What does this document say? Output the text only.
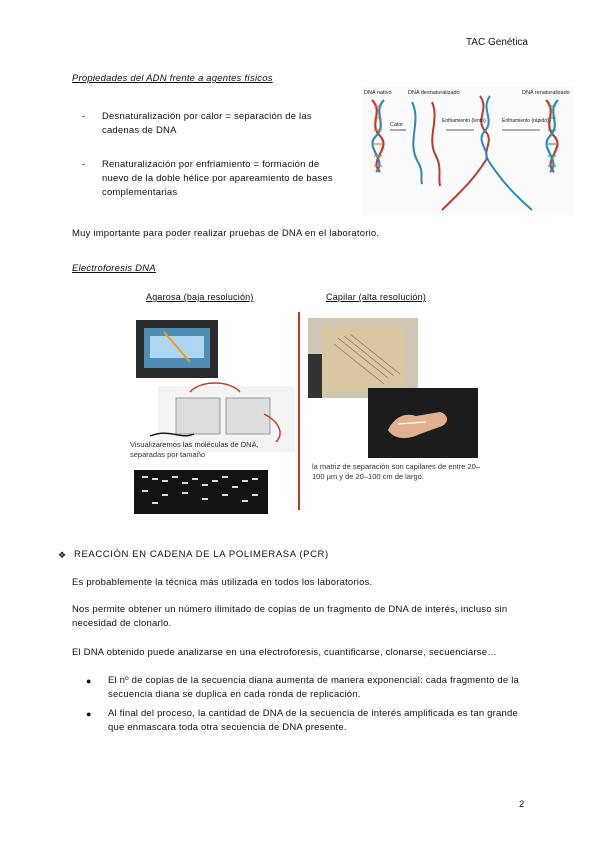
TAC Genética
Propiedades del ADN frente a agentes físicos
- Desnaturalización por calor = separación de las cadenas de DNA
- Renaturalización por enfriamiento = formación de nuevo de la doble hélice por apareamiento de bases complementarias
DNA nativo	DNA desnaturalizado
Calor
Enfriamiento (lento)	Enfriamiento (rápido)
DNA renaturalizado
Muy importante para poder realizar pruebas de DNA en el laboratorio.
Electroforesis DNA
Agarosa (baja resolución)	Capilar (alta resolución)
Visualizaremos las moléculas de DNA, separadas por tamaño
la matriz de separación son capilares de entre 20–100 µm y de 20–100 cm de largo.
❖ REACCIÓN EN CADENA DE LA POLIMERASA (PCR)
Es probablemente la técnica más utilizada en todos los laboratorios.
Nos permite obtener un número ilimitado de copias de un fragmento de DNA de interés, incluso sin necesidad de clonarlo.
El DNA obtenido puede analizarse en una electroforesis, cuantificarse, clonarse, secuenciarse…
● El nº de copias de la secuencia diana aumenta de manera exponencial: cada fragmento de la secuencia diana se duplica en cada ronda de replicación.
● Al final del proceso, la cantidad de DNA de la secuencia de interés amplificada es tan grande que enmascara toda otra secuencia de DNA presente.
2
